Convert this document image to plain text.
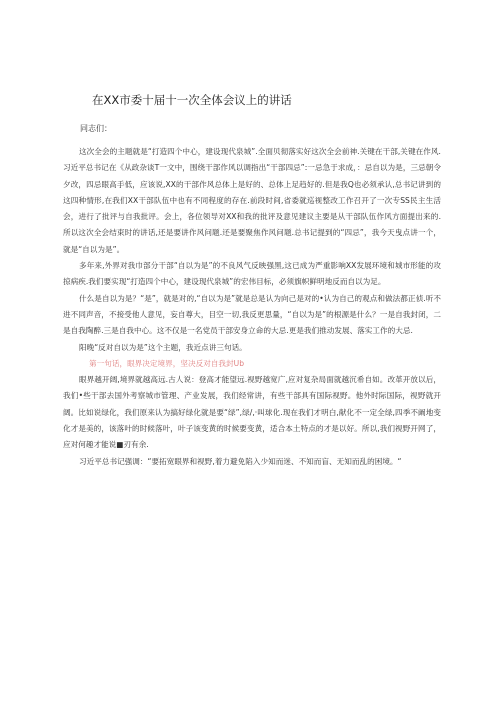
在XX市委十届十一次全体会议上的讲话
同志们：

这次全会的主题就是“打造四个中心，建设现代泉城”.全面贝彻落实好这次全会前神.关键在干部,关键在作风.习近平总书记在《从政杂谈T一文中，围绕干部作风以调指出“干部四忌”:一忌急于求成，：忌自以为是，三忌朝令夕改，四忌眼高手低，应该说,XX的干部作风总体上是好的、总体上足趋好的.但是我Q也必须承认,总书记讲到的这四种情形,在我们XX干部队伍中也有不同程度的存在.前段时间,省委就巡视整改工作召开了一次专SS民主生活会，进行了批评与自我批评。会上，各位领导对XX和我的批评及意见建议主要是从干部队伍作风方面提出来的.所以这次全会结束时的讲话,还是要讲作风问题.还是要聚焦作风问题.总书记提到的“四忌”，我今天曳点讲一个，就是“自以为是”。

多年来,外界对我巾部分干部“自以为是”的不良风气反映强黑,这已成为严重影响XX发展环境和城市形能的攻掠病疾.我们要实现“打造四个中心，建设现代泉城”的宏伟目标，必须旗帜鲜明地反而自以为足。

什么是自以为是？“是”，就是对的,“自以为是”就是总是认为向己是对的•认为自己的观点和做法都正侦.听不进不同声音，不接受他人意见，妄自尊大，目空一切,我反更思量，“自以为是”的根源是什么？一是自我封闭，二是自我陶醉.三是自我中心。这不仅是一名党员干部安身立命的大忌.更是我们推动发展、落实工作的大忌.

阳晚“反对自以为是”这个主题，我近点讲三句话。

第一句话，眼界决定境界，坚决反对自我封Ub

眼界越开阔,境界就越高远.古人说：登高才能望远.视野越宽广,应对复杂局面就越沉希自如。改革开放以后，我们•些干部去国外考察城市管理、产业发展，我们经常讲，有些干部具有国际视野。他外时际国际，视野就开阔。比如说绿化，我们原来认为搞好绿化就是要“绿”,绿/,·叫球化.现在我们才明白,献化不一定全绿,四季不阚地变化才是美的，该落叶的时候落叶，叶子该变黄的时候要变黄，适合本土特点的才是以好。所以,我们视野开网了，应对何趣才能说■刃有余.

习近平总书记强调：“要拓宽眼界和视野,着力避免陷入少知而迷、不知而盲、无知而乱的困境。“
